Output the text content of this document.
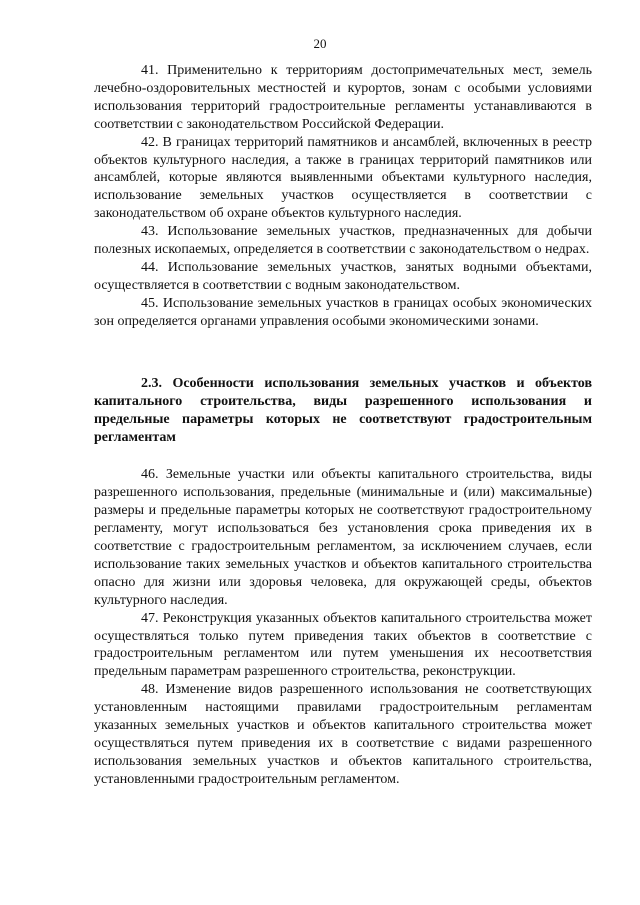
20

41. Применительно к территориям достопримечательных мест, земель лечебно-оздоровительных местностей и курортов, зонам с особыми условиями использования территорий градостроительные регламенты устанавливаются в соответствии с законодательством Российской Федерации.

42. В границах территорий памятников и ансамблей, включенных в реестр объектов культурного наследия, а также в границах территорий памятников или ансамблей, которые являются выявленными объектами культурного наследия, использование земельных участков осуществляется в соответствии с законодательством об охране объектов культурного наследия.

43. Использование земельных участков, предназначенных для добычи полезных ископаемых, определяется в соответствии с законодательством о недрах.

44. Использование земельных участков, занятых водными объектами, осуществляется в соответствии с водным законодательством.

45. Использование земельных участков в границах особых экономических зон определяется органами управления особыми экономическими зонами.

2.3. Особенности использования земельных участков и объектов капитального строительства, виды разрешенного использования и предельные параметры которых не соответствуют градостроительным регламентам

46. Земельные участки или объекты капитального строительства, виды разрешенного использования, предельные (минимальные и (или) максимальные) размеры и предельные параметры которых не соответствуют градостроительному регламенту, могут использоваться без установления срока приведения их в соответствие с градостроительным регламентом, за исключением случаев, если использование таких земельных участков и объектов капитального строительства опасно для жизни или здоровья человека, для окружающей среды, объектов культурного наследия.

47. Реконструкция указанных объектов капитального строительства может осуществляться только путем приведения таких объектов в соответствие с градостроительным регламентом или путем уменьшения их несоответствия предельным параметрам разрешенного строительства, реконструкции.

48. Изменение видов разрешенного использования не соответствующих установленным настоящими правилами градостроительным регламентам указанных земельных участков и объектов капитального строительства может осуществляться путем приведения их в соответствие с видами разрешенного использования земельных участков и объектов капитального строительства, установленными градостроительным регламентом.
